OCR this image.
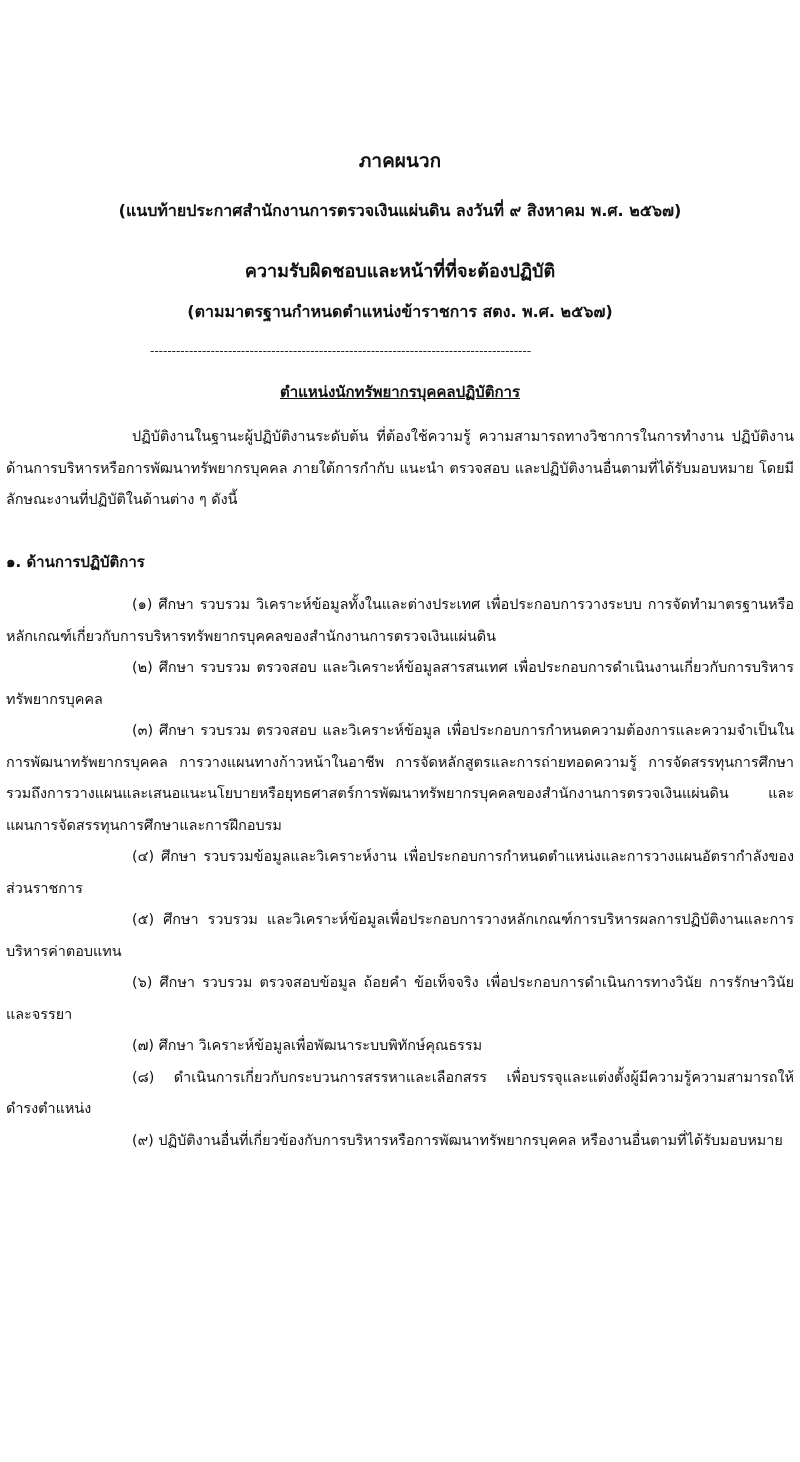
ภาคผนวก
(แนบท้ายประกาศสำนักงานการตรวจเงินแผ่นดิน ลงวันที่ ๙ สิงหาคม พ.ศ. ๒๕๖๗)
ความรับผิดชอบและหน้าที่ที่จะต้องปฏิบัติ
(ตามมาตรฐานกำหนดตำแหน่งข้าราชการ สตง. พ.ศ. ๒๕๖๗)
----------------------------------------------------------------------------------------
ตำแหน่งนักทรัพยากรบุคคลปฏิบัติการ
ปฏิบัติงานในฐานะผู้ปฏิบัติงานระดับต้น ที่ต้องใช้ความรู้ ความสามารถทางวิชาการในการทำงาน ปฏิบัติงานด้านการบริหารหรือการพัฒนาทรัพยากรบุคคล ภายใต้การกำกับ แนะนำ ตรวจสอบ และปฏิบัติงานอื่นตามที่ได้รับมอบหมาย โดยมีลักษณะงานที่ปฏิบัติในด้านต่าง ๆ ดังนี้
๑. ด้านการปฏิบัติการ

(๑) ศึกษา รวบรวม วิเคราะห์ข้อมูลทั้งในและต่างประเทศ เพื่อประกอบการวางระบบ การจัดทำมาตรฐานหรือหลักเกณฑ์เกี่ยวกับการบริหารทรัพยากรบุคคลของสำนักงานการตรวจเงินแผ่นดิน

(๒) ศึกษา รวบรวม ตรวจสอบ และวิเคราะห์ข้อมูลสารสนเทศ เพื่อประกอบการดำเนินงานเกี่ยวกับการบริหารทรัพยากรบุคคล

(๓) ศึกษา รวบรวม ตรวจสอบ และวิเคราะห์ข้อมูล เพื่อประกอบการกำหนดความต้องการและความจำเป็นในการพัฒนาทรัพยากรบุคคล การวางแผนทางก้าวหน้าในอาชีพ การจัดหลักสูตรและการถ่ายทอดความรู้ การจัดสรรทุนการศึกษา รวมถึงการวางแผนและเสนอแนะนโยบายหรือยุทธศาสตร์การพัฒนาทรัพยากรบุคคลของสำนักงานการตรวจเงินแผ่นดิน และแผนการจัดสรรทุนการศึกษาและการฝึกอบรม

(๔) ศึกษา รวบรวมข้อมูลและวิเคราะห์งาน เพื่อประกอบการกำหนดตำแหน่งและการวางแผนอัตรากำลังของส่วนราชการ

(๕) ศึกษา รวบรวม และวิเคราะห์ข้อมูลเพื่อประกอบการวางหลักเกณฑ์การบริหารผลการปฏิบัติงานและการบริหารค่าตอบแทน

(๖) ศึกษา รวบรวม ตรวจสอบข้อมูล ถ้อยคำ ข้อเท็จจริง เพื่อประกอบการดำเนินการทางวินัย การรักษาวินัยและจรรยา

(๗) ศึกษา วิเคราะห์ข้อมูลเพื่อพัฒนาระบบพิทักษ์คุณธรรม

(๘) ดำเนินการเกี่ยวกับกระบวนการสรรหาและเลือกสรร เพื่อบรรจุและแต่งตั้งผู้มีความรู้ความสามารถให้ดำรงตำแหน่ง

(๙) ปฏิบัติงานอื่นที่เกี่ยวข้องกับการบริหารหรือการพัฒนาทรัพยากรบุคคล หรืองานอื่นตามที่ได้รับมอบหมาย
